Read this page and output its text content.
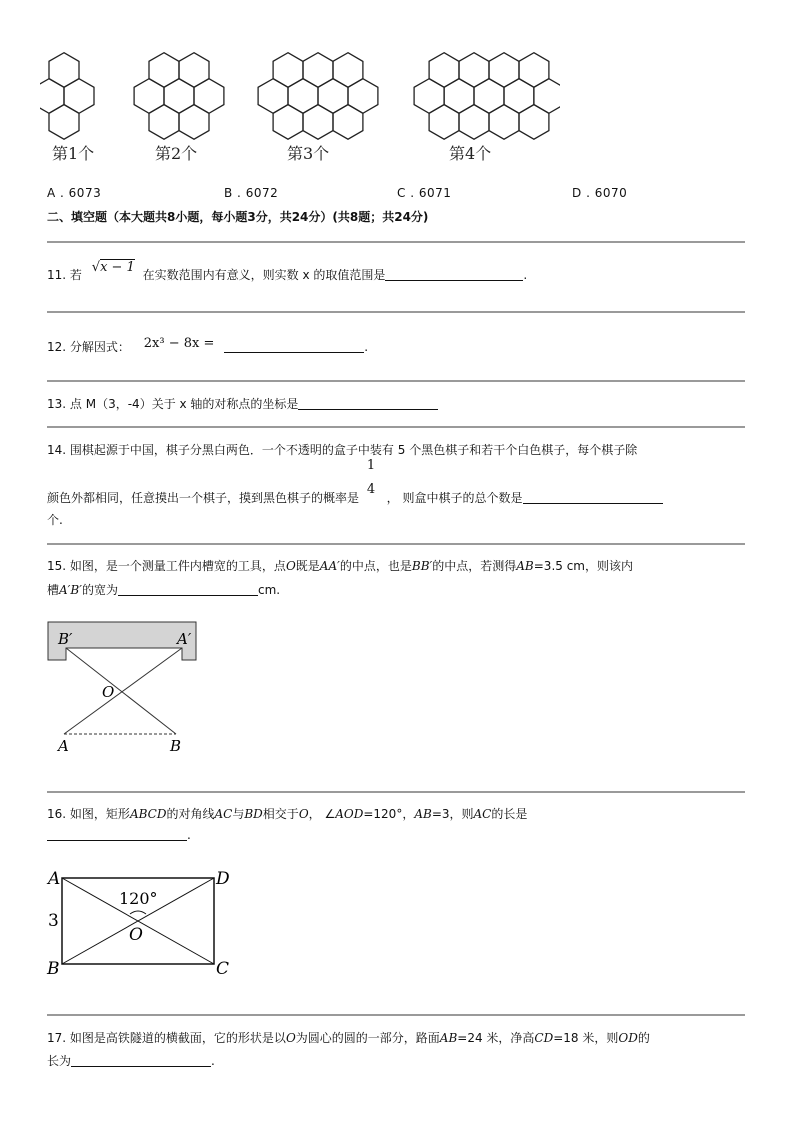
第1个	第2个	第3个	第4个
A . 6073	B . 6072	C . 6071	D . 6070
二、填空题（本大题共8小题，每小题3分，共24分）(共8题；共24分)
11. 若 √x − 1 在实数范围内有意义，则实数 x 的取值范围是	.
12. 分解因式： 2x³ − 8x =	.
13. 点 M（3，-4）关于 x 轴的对称点的坐标是
14. 围棋起源于中国，棋子分黑白两色．一个不透明的盒子中装有 5 个黑色棋子和若干个白色棋子，每个棋子除
颜色外都相同，任意摸出一个棋子，摸到黑色棋子的概率是
1
4
， 则盒中棋子的总个数是
个.
15. 如图，是一个测量工件内槽宽的工具，点O既是AA′的中点，也是BB′的中点，若测得AB=3.5 cm，则该内
槽A′B′的宽为	cm.
B′	A′
O
A	B
16. 如图，矩形ABCD的对角线AC与BD相交于O， ∠AOD=120°，AB=3，则AC的长是
.
A	D
B	C
O
120°
3
17. 如图是高铁隧道的横截面，它的形状是以O为圆心的圆的一部分，路面AB=24 米，净高CD=18 米，则OD的
长为	.
